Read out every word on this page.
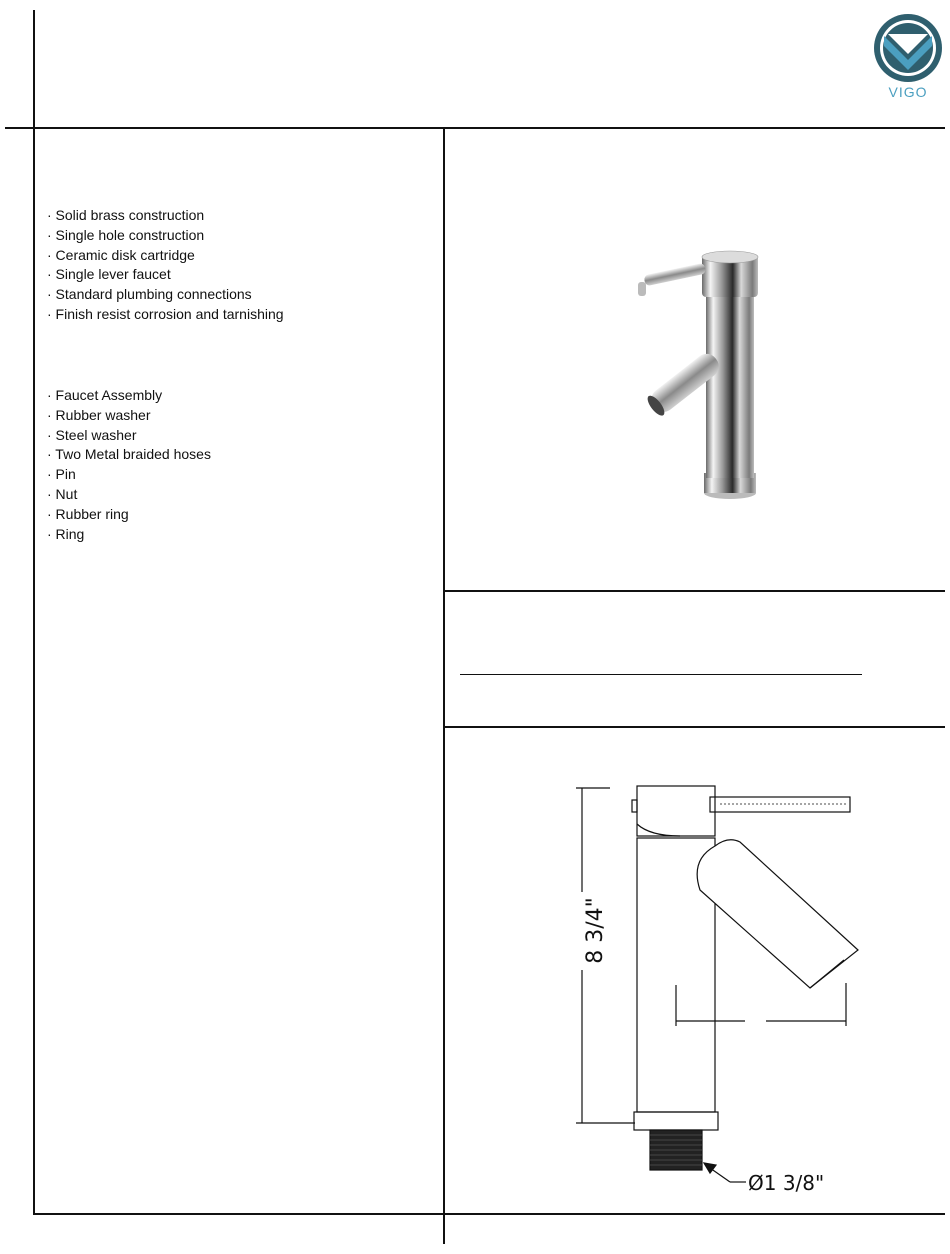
VIGO
· Solid brass construction
· Single hole construction
· Ceramic disk cartridge
· Single lever faucet
· Standard plumbing connections
· Finish resist corrosion and tarnishing
· Faucet Assembly
· Rubber washer
· Steel washer
· Two Metal braided hoses
· Pin
· Nut
· Rubber ring
· Ring
8 3/4"
Ø1 3/8"
